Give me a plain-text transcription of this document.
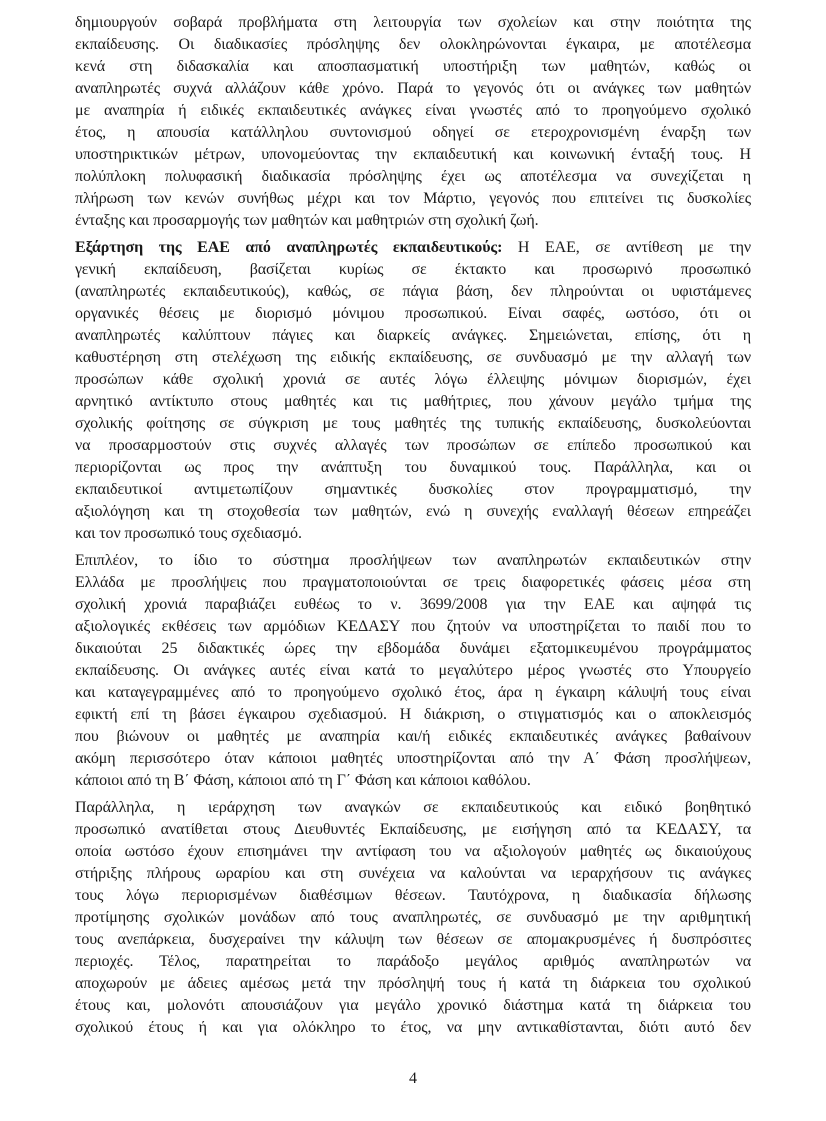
δημιουργούν σοβαρά προβλήματα στη λειτουργία των σχολείων και στην ποιότητα της
εκπαίδευσης. Οι διαδικασίες πρόσληψης δεν ολοκληρώνονται έγκαιρα, με αποτέλεσμα
κενά στη διδασκαλία και αποσπασματική υποστήριξη των μαθητών, καθώς οι
αναπληρωτές συχνά αλλάζουν κάθε χρόνο. Παρά το γεγονός ότι οι ανάγκες των μαθητών
με αναπηρία ή ειδικές εκπαιδευτικές ανάγκες είναι γνωστές από το προηγούμενο σχολικό
έτος, η απουσία κατάλληλου συντονισμού οδηγεί σε ετεροχρονισμένη έναρξη των
υποστηρικτικών μέτρων, υπονομεύοντας την εκπαιδευτική και κοινωνική ένταξή τους. Η
πολύπλοκη πολυφασική διαδικασία πρόσληψης έχει ως αποτέλεσμα να συνεχίζεται η
πλήρωση των κενών συνήθως μέχρι και τον Μάρτιο, γεγονός που επιτείνει τις δυσκολίες
ένταξης και προσαρμογής των μαθητών και μαθητριών στη σχολική ζωή.
Εξάρτηση της ΕΑΕ από αναπληρωτές εκπαιδευτικούς: Η ΕΑΕ, σε αντίθεση με την
γενική εκπαίδευση, βασίζεται κυρίως σε έκτακτο και προσωρινό προσωπικό
(αναπληρωτές εκπαιδευτικούς), καθώς, σε πάγια βάση, δεν πληρούνται οι υφιστάμενες
οργανικές θέσεις με διορισμό μόνιμου προσωπικού. Είναι σαφές, ωστόσο, ότι οι
αναπληρωτές καλύπτουν πάγιες και διαρκείς ανάγκες. Σημειώνεται, επίσης, ότι η
καθυστέρηση στη στελέχωση της ειδικής εκπαίδευσης, σε συνδυασμό με την αλλαγή των
προσώπων κάθε σχολική χρονιά σε αυτές λόγω έλλειψης μόνιμων διορισμών, έχει
αρνητικό αντίκτυπο στους μαθητές και τις μαθήτριες, που χάνουν μεγάλο τμήμα της
σχολικής φοίτησης σε σύγκριση με τους μαθητές της τυπικής εκπαίδευσης, δυσκολεύονται
να προσαρμοστούν στις συχνές αλλαγές των προσώπων σε επίπεδο προσωπικού και
περιορίζονται ως προς την ανάπτυξη του δυναμικού τους. Παράλληλα, και οι
εκπαιδευτικοί αντιμετωπίζουν σημαντικές δυσκολίες στον προγραμματισμό, την
αξιολόγηση και τη στοχοθεσία των μαθητών, ενώ η συνεχής εναλλαγή θέσεων επηρεάζει
και τον προσωπικό τους σχεδιασμό.
Επιπλέον, το ίδιο το σύστημα προσλήψεων των αναπληρωτών εκπαιδευτικών στην
Ελλάδα με προσλήψεις που πραγματοποιούνται σε τρεις διαφορετικές φάσεις μέσα στη
σχολική χρονιά παραβιάζει ευθέως το ν. 3699/2008 για την ΕΑΕ και αψηφά τις
αξιολογικές εκθέσεις των αρμόδιων ΚΕΔΑΣΥ που ζητούν να υποστηρίζεται το παιδί που το
δικαιούται 25 διδακτικές ώρες την εβδομάδα δυνάμει εξατομικευμένου προγράμματος
εκπαίδευσης. Οι ανάγκες αυτές είναι κατά το μεγαλύτερο μέρος γνωστές στο Υπουργείο
και καταγεγραμμένες από το προηγούμενο σχολικό έτος, άρα η έγκαιρη κάλυψή τους είναι
εφικτή επί τη βάσει έγκαιρου σχεδιασμού. Η διάκριση, ο στιγματισμός και ο αποκλεισμός
που βιώνουν οι μαθητές με αναπηρία και/ή ειδικές εκπαιδευτικές ανάγκες βαθαίνουν
ακόμη περισσότερο όταν κάποιοι μαθητές υποστηρίζονται από την Α΄ Φάση προσλήψεων,
κάποιοι από τη Β΄ Φάση, κάποιοι από τη Γ΄ Φάση και κάποιοι καθόλου.
Παράλληλα, η ιεράρχηση των αναγκών σε εκπαιδευτικούς και ειδικό βοηθητικό
προσωπικό ανατίθεται στους Διευθυντές Εκπαίδευσης, με εισήγηση από τα ΚΕΔΑΣΥ, τα
οποία ωστόσο έχουν επισημάνει την αντίφαση του να αξιολογούν μαθητές ως δικαιούχους
στήριξης πλήρους ωραρίου και στη συνέχεια να καλούνται να ιεραρχήσουν τις ανάγκες
τους λόγω περιορισμένων διαθέσιμων θέσεων. Ταυτόχρονα, η διαδικασία δήλωσης
προτίμησης σχολικών μονάδων από τους αναπληρωτές, σε συνδυασμό με την αριθμητική
τους ανεπάρκεια, δυσχεραίνει την κάλυψη των θέσεων σε απομακρυσμένες ή δυσπρόσιτες
περιοχές. Τέλος, παρατηρείται το παράδοξο μεγάλος αριθμός αναπληρωτών να
αποχωρούν με άδειες αμέσως μετά την πρόσληψή τους ή κατά τη διάρκεια του σχολικού
έτους και, μολονότι απουσιάζουν για μεγάλο χρονικό διάστημα κατά τη διάρκεια του
σχολικού έτους ή και για ολόκληρο το έτος, να μην αντικαθίστανται, διότι αυτό δεν
4
